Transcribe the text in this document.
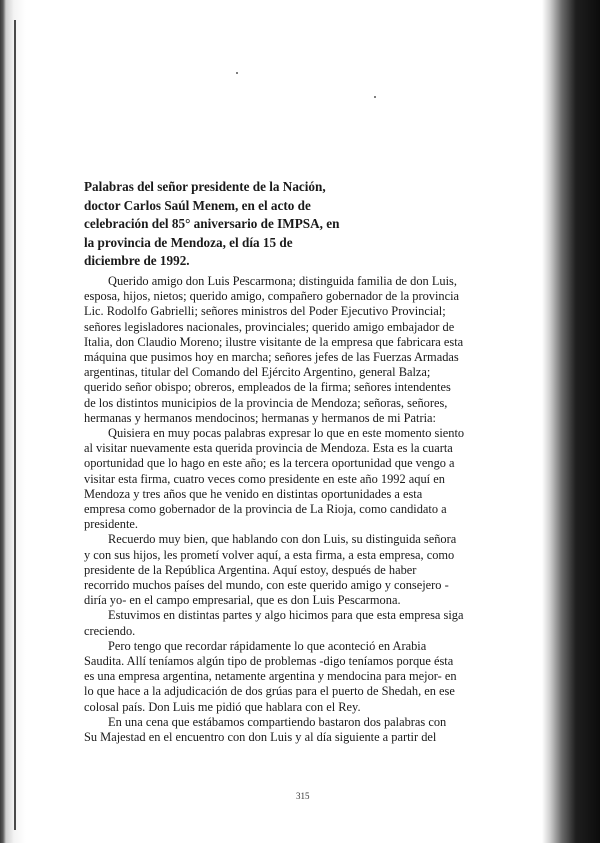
Palabras del señor presidente de la Nación,
doctor Carlos Saúl Menem, en el acto de
celebración del 85° aniversario de IMPSA, en
la provincia de Mendoza, el día 15 de
diciembre de 1992.
Querido amigo don Luis Pescarmona; distinguida familia de don Luis,
esposa, hijos, nietos; querido amigo, compañero gobernador de la provincia
Lic. Rodolfo Gabrielli; señores ministros del Poder Ejecutivo Provincial;
señores legisladores nacionales, provinciales; querido amigo embajador de
Italia, don Claudio Moreno; ilustre visitante de la empresa que fabricara esta
máquina que pusimos hoy en marcha; señores jefes de las Fuerzas Armadas
argentinas, titular del Comando del Ejército Argentino, general Balza;
querido señor obispo; obreros, empleados de la firma; señores intendentes
de los distintos municipios de la provincia de Mendoza; señoras, señores,
hermanas y hermanos mendocinos; hermanas y hermanos de mi Patria:
Quisiera en muy pocas palabras expresar lo que en este momento siento
al visitar nuevamente esta querida provincia de Mendoza. Esta es la cuarta
oportunidad que lo hago en este año; es la tercera oportunidad que vengo a
visitar esta firma, cuatro veces como presidente en este año 1992 aquí en
Mendoza y tres años que he venido en distintas oportunidades a esta
empresa como gobernador de la provincia de La Rioja, como candidato a
presidente.
Recuerdo muy bien, que hablando con don Luis, su distinguida señora
y con sus hijos, les prometí volver aquí, a esta firma, a esta empresa, como
presidente de la República Argentina. Aquí estoy, después de haber
recorrido muchos países del mundo, con este querido amigo y consejero -
diría yo- en el campo empresarial, que es don Luis Pescarmona.
Estuvimos en distintas partes y algo hicimos para que esta empresa siga
creciendo.
Pero tengo que recordar rápidamente lo que aconteció en Arabia
Saudita. Allí teníamos algún tipo de problemas -digo teníamos porque ésta
es una empresa argentina, netamente argentina y mendocina para mejor- en
lo que hace a la adjudicación de dos grúas para el puerto de Shedah, en ese
colosal país. Don Luis me pidió que hablara con el Rey.
En una cena que estábamos compartiendo bastaron dos palabras con
Su Majestad en el encuentro con don Luis y al día siguiente a partir del
315
